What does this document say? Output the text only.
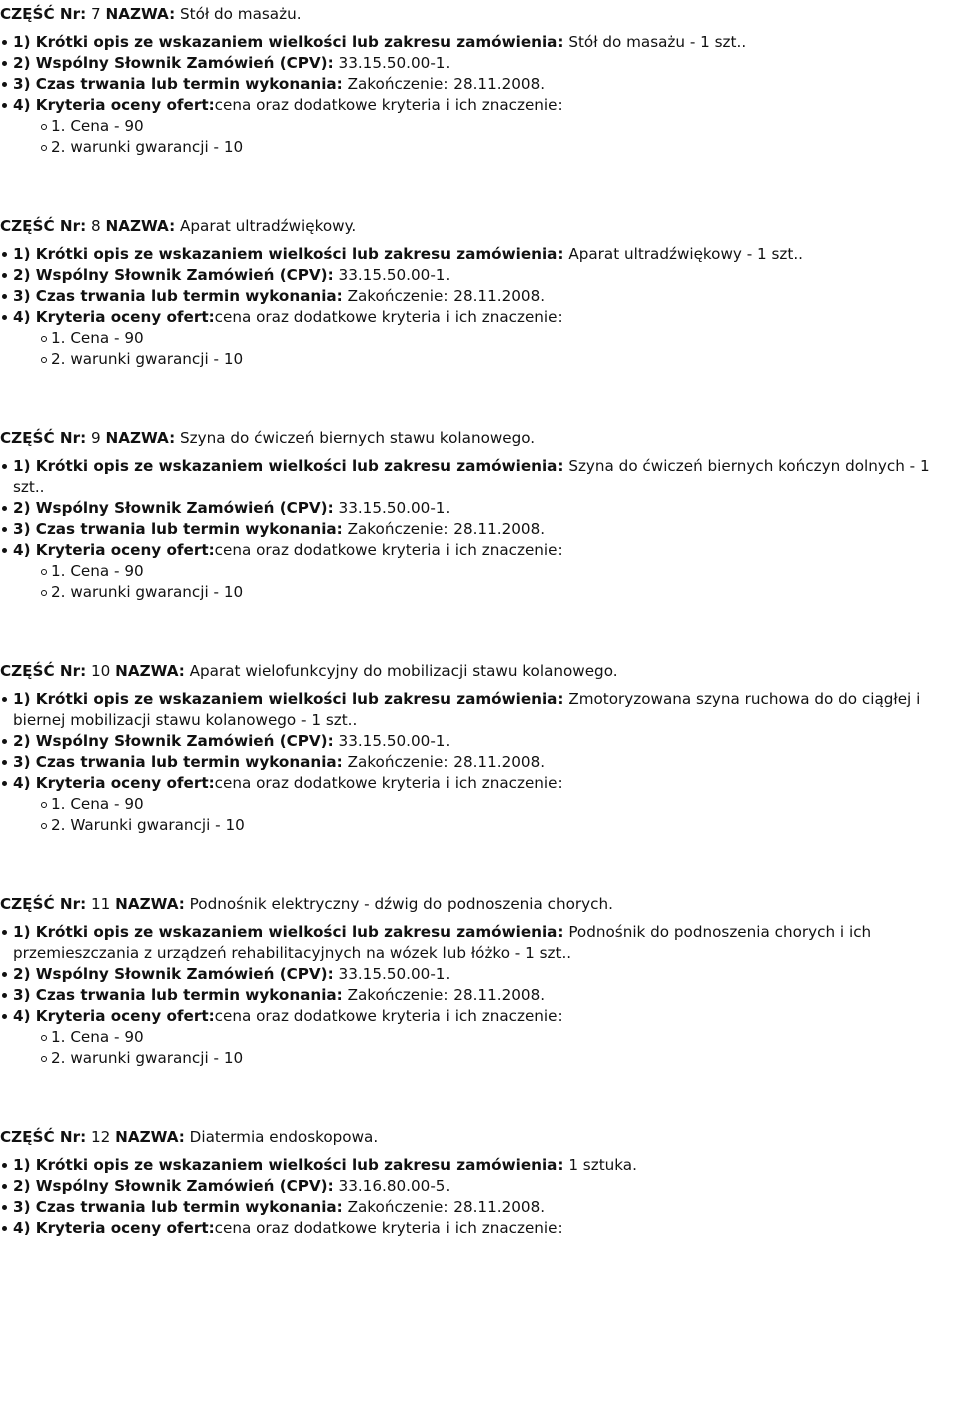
CZĘŚĆ Nr: 7 NAZWA: Stół do masażu.
1) Krótki opis ze wskazaniem wielkości lub zakresu zamówienia: Stół do masażu - 1 szt..
2) Wspólny Słownik Zamówień (CPV): 33.15.50.00-1.
3) Czas trwania lub termin wykonania: Zakończenie: 28.11.2008.
4) Kryteria oceny ofert:cena oraz dodatkowe kryteria i ich znaczenie:
1. Cena - 90
2. warunki gwarancji - 10
CZĘŚĆ Nr: 8 NAZWA: Aparat ultradźwiękowy.
1) Krótki opis ze wskazaniem wielkości lub zakresu zamówienia: Aparat ultradźwiękowy - 1 szt..
2) Wspólny Słownik Zamówień (CPV): 33.15.50.00-1.
3) Czas trwania lub termin wykonania: Zakończenie: 28.11.2008.
4) Kryteria oceny ofert:cena oraz dodatkowe kryteria i ich znaczenie:
1. Cena - 90
2. warunki gwarancji - 10
CZĘŚĆ Nr: 9 NAZWA: Szyna do ćwiczeń biernych stawu kolanowego.
1) Krótki opis ze wskazaniem wielkości lub zakresu zamówienia: Szyna do ćwiczeń biernych kończyn dolnych - 1 szt..
2) Wspólny Słownik Zamówień (CPV): 33.15.50.00-1.
3) Czas trwania lub termin wykonania: Zakończenie: 28.11.2008.
4) Kryteria oceny ofert:cena oraz dodatkowe kryteria i ich znaczenie:
1. Cena - 90
2. warunki gwarancji - 10
CZĘŚĆ Nr: 10 NAZWA: Aparat wielofunkcyjny do mobilizacji stawu kolanowego.
1) Krótki opis ze wskazaniem wielkości lub zakresu zamówienia: Zmotoryzowana szyna ruchowa do do ciągłej i biernej mobilizacji stawu kolanowego - 1 szt..
2) Wspólny Słownik Zamówień (CPV): 33.15.50.00-1.
3) Czas trwania lub termin wykonania: Zakończenie: 28.11.2008.
4) Kryteria oceny ofert:cena oraz dodatkowe kryteria i ich znaczenie:
1. Cena - 90
2. Warunki gwarancji - 10
CZĘŚĆ Nr: 11 NAZWA: Podnośnik elektryczny - dźwig do podnoszenia chorych.
1) Krótki opis ze wskazaniem wielkości lub zakresu zamówienia: Podnośnik do podnoszenia chorych i ich przemieszczania z urządzeń rehabilitacyjnych na wózek lub łóżko - 1 szt..
2) Wspólny Słownik Zamówień (CPV): 33.15.50.00-1.
3) Czas trwania lub termin wykonania: Zakończenie: 28.11.2008.
4) Kryteria oceny ofert:cena oraz dodatkowe kryteria i ich znaczenie:
1. Cena - 90
2. warunki gwarancji - 10
CZĘŚĆ Nr: 12 NAZWA: Diatermia endoskopowa.
1) Krótki opis ze wskazaniem wielkości lub zakresu zamówienia: 1 sztuka.
2) Wspólny Słownik Zamówień (CPV): 33.16.80.00-5.
3) Czas trwania lub termin wykonania: Zakończenie: 28.11.2008.
4) Kryteria oceny ofert:cena oraz dodatkowe kryteria i ich znaczenie:
